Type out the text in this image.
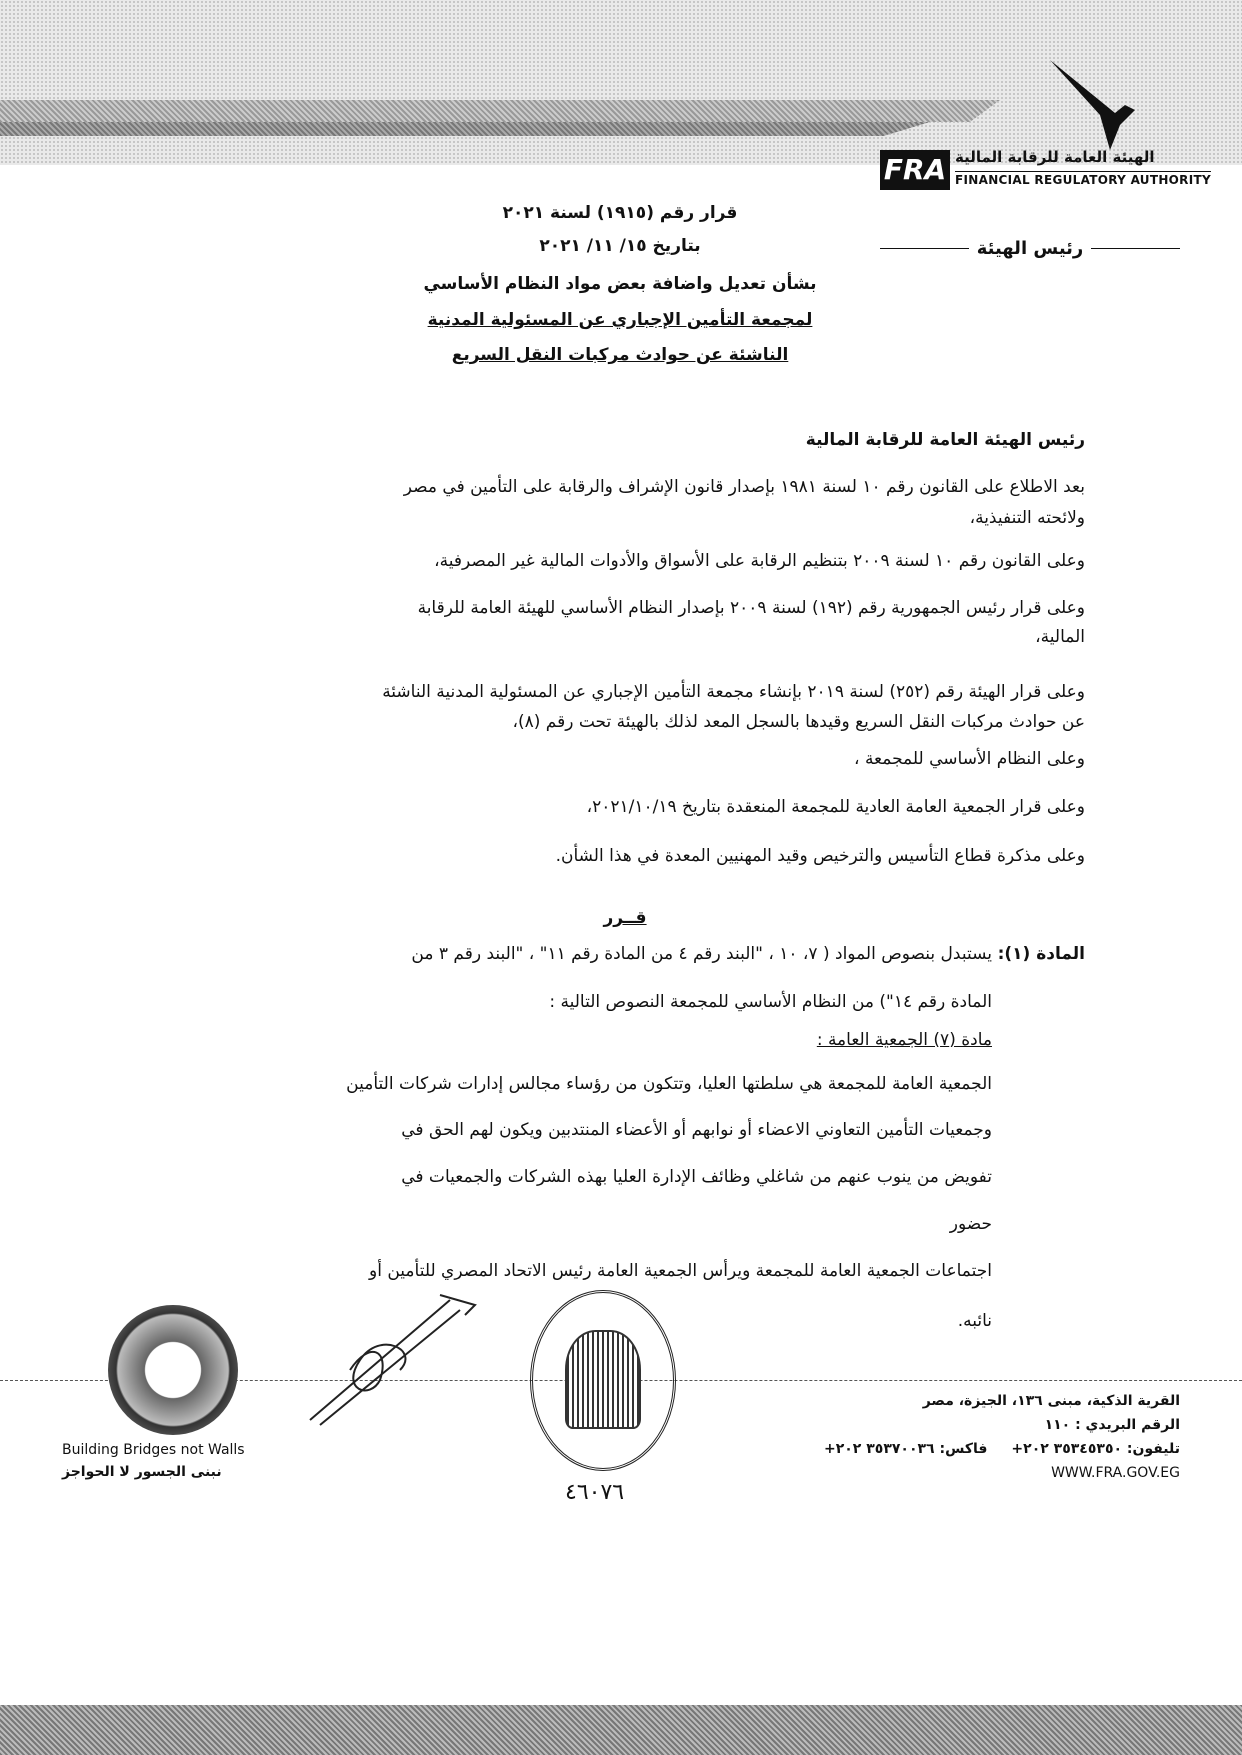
FRA الهيئة العامة للرقابة المالية
FINANCIAL REGULATORY AUTHORITY
رئيس الهيئة
قرار رقم (١٩١٥) لسنة ٢٠٢١
بتاريخ ١٥/ ١١/ ٢٠٢١
بشأن تعديل واضافة بعض مواد النظام الأساسي
لمجمعة التأمين الإجباري عن المسئولية المدنية
الناشئة عن حوادث مركبات النقل السريع
رئيس الهيئة العامة للرقابة المالية
بعد الاطلاع على القانون رقم ١٠ لسنة ١٩٨١ بإصدار قانون الإشراف والرقابة على التأمين في مصر
ولائحته التنفيذية،
وعلى القانون رقم ١٠ لسنة ٢٠٠٩ بتنظيم الرقابة على الأسواق والأدوات المالية غير المصرفية،
وعلى قرار رئيس الجمهورية رقم (١٩٢) لسنة ٢٠٠٩ بإصدار النظام الأساسي للهيئة العامة للرقابة
المالية،
وعلى قرار الهيئة رقم (٢٥٢) لسنة ٢٠١٩ بإنشاء مجمعة التأمين الإجباري عن المسئولية المدنية الناشئة
عن حوادث مركبات النقل السريع وقيدها بالسجل المعد لذلك بالهيئة تحت رقم (٨)،
وعلى النظام الأساسي للمجمعة ،
وعلى قرار الجمعية العامة العادية للمجمعة المنعقدة بتاريخ ٢٠٢١/١٠/١٩،
وعلى مذكرة قطاع التأسيس والترخيص وقيد المهنيين المعدة في هذا الشأن.
قــرر
المادة (١):
يستبدل بنصوص المواد ( ٧، ١٠ ، "البند رقم ٤ من المادة رقم ١١" ، "البند رقم ٣ من
المادة رقم ١٤") من النظام الأساسي للمجمعة النصوص التالية :
مادة (٧) الجمعية العامة :
الجمعية العامة للمجمعة هي سلطتها العليا، وتتكون من رؤساء مجالس إدارات شركات التأمين
وجمعيات التأمين التعاوني الاعضاء أو نوابهم أو الأعضاء المنتدبين ويكون لهم الحق في
تفويض من ينوب عنهم من شاغلي وظائف الإدارة العليا بهذه الشركات والجمعيات في
حضور
اجتماعات الجمعية العامة للمجمعة ويرأس الجمعية العامة رئيس الاتحاد المصري للتأمين أو
نائبه.
Building Bridges not Walls
نبنى الجسور لا الحواجز
٤٦٠٧٦
القرية الذكية، مبنى ١٣٦، الجيزة، مصر
الرقم البريدي : ١١٠
تليفون: ٣٥٣٤٥٣٥٠ ٢٠٢+
فاكس: ٣٥٣٧٠٠٣٦ ٢٠٢+
WWW.FRA.GOV.EG
